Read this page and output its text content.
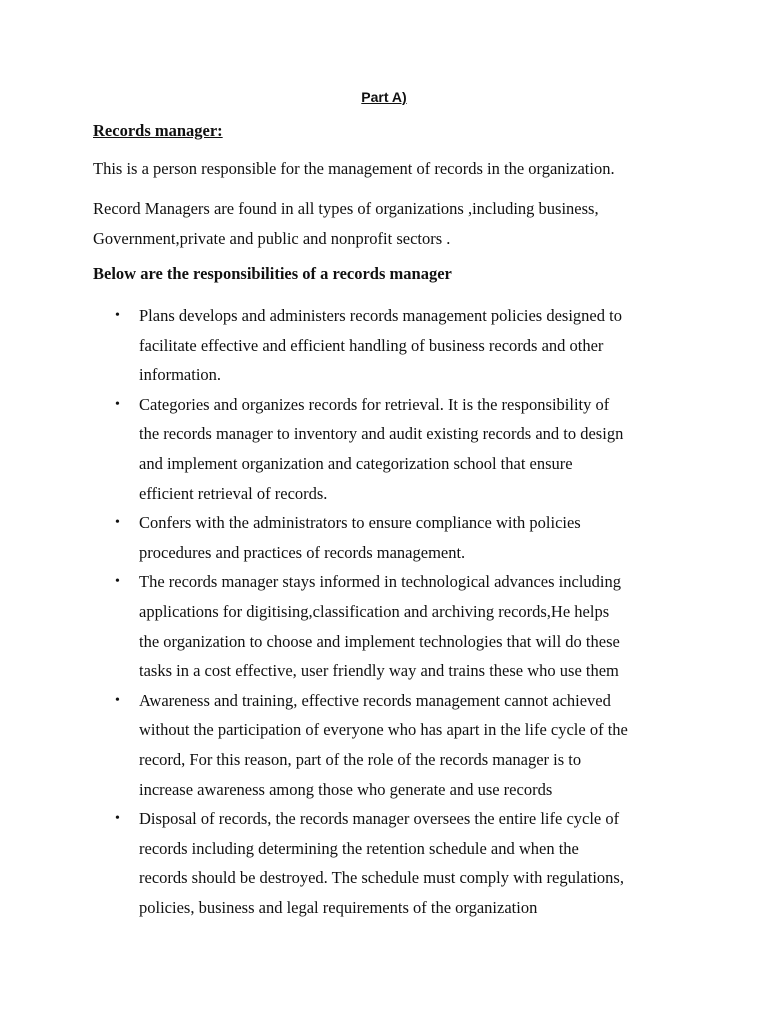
Part A)
Records manager:

This is a person responsible for the management of records in the organization.

Record Managers are found in all types of organizations ,including business,
Government,private and public and nonprofit sectors .

Below are the responsibilities of a records manager
• Plans develops and administers records management policies designed to
facilitate effective and efficient handling of business records and other
information.
• Categories and organizes records for retrieval. It is the responsibility of
the records manager to inventory and audit existing records and to design
and implement organization and categorization school that ensure
efficient retrieval of records.
• Confers with the administrators to ensure compliance with policies
procedures and practices of records management.
• The records manager stays informed in technological advances including
applications for digitising,classification and archiving records,He helps
the organization to choose and implement technologies that will do these
tasks in a cost effective, user friendly way and trains these who use them
• Awareness and training, effective records management cannot achieved
without the participation of everyone who has apart in the life cycle of the
record, For this reason, part of the role of the records manager is to
increase awareness among those who generate and use records
• Disposal of records, the records manager oversees the entire life cycle of
records including determining the retention schedule and when the
records should be destroyed. The schedule must comply with regulations,
policies, business and legal requirements of the organization
